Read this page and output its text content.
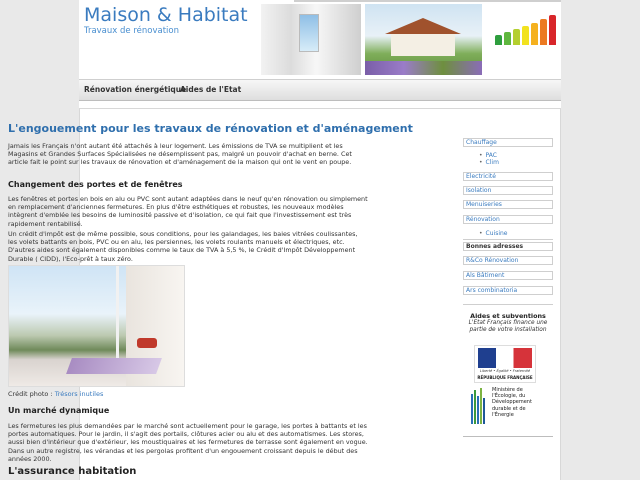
Maison & Habitat
Travaux de rénovation
Rénovation énergétique
Aides de l'Etat
L'engouement pour les travaux de rénovation et d'aménagement

Jamais les Français n'ont autant été attachés à leur logement. Les émissions de TVA se multiplient et les Magasins et Grandes Surfaces Spécialisées ne désemplissent pas, malgré un pouvoir d'achat en berne. Cet article fait le point sur les travaux de rénovation et d'aménagement de la maison qui ont le vent en poupe.

Changement des portes et de fenêtres

Les fenêtres et portes en bois en alu ou PVC sont autant adaptées dans le neuf qu'en rénovation ou simplement en remplacement d'anciennes fermetures. En plus d'être esthétiques et robustes, les nouveaux modèles intègrent d'emblée les besoins de luminosité passive et d'isolation, ce qui fait que l'investissement est très rapidement rentabilisé.

Un crédit d'impôt est de même possible, sous conditions, pour les galandages, les baies vitrées coulissantes, les volets battants en bois, PVC ou en alu, les persiennes, les volets roulants manuels et électriques, etc. D'autres aides sont également disponibles comme le taux de TVA à 5,5 %, le Crédit d'Impôt Développement Durable ( CIDD), l'Eco-prêt à taux zéro.

Crédit photo : Trésors inutiles
Un marché dynamique

Les fermetures les plus demandées par le marché sont actuellement pour le garage, les portes à battants et les portes automatiques. Pour le jardin, il s'agit des portails, clôtures acier ou alu et des automatismes. Les stores, aussi bien d'intérieur que d'extérieur, les moustiquaires et les fermetures de terrasse sont également en vogue. Dans un autre registre, les vérandas et les pergolas profitent d'un engouement croissant depuis le début des années 2000.

L'assurance habitation
Chauffage
• PAC
• Clim
Electricité
Isolation
Menuiseries
Rénovation
• Cuisine
Bonnes adresses
R&Co Rénovation
Als Bâtiment
Ars combinatoria
Aides et subventions
L'Etat Français finance une partie de votre installation
Liberté • Égalité • Fraternité
RÉPUBLIQUE FRANÇAISE
Ministère de l'Écologie, du Développement durable et de l'Énergie
